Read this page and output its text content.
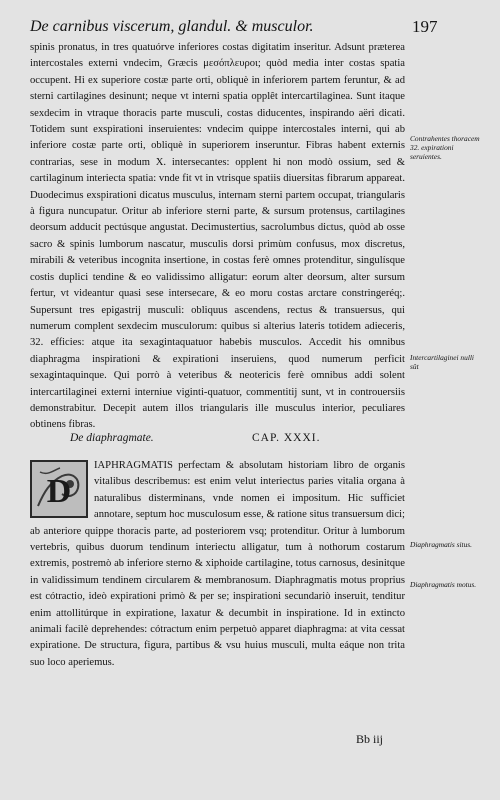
De carnibus viscerum, glandul. & musculor.	197

spinis pronatus, in tres quatuórve inferiores costas digitatim inseritur. Adsunt præterea intercostales externi vndecim, Græcis μεσόπλευροι; quòd media inter costas spatia occupent. Hi ex superiore costæ parte orti, obliquè in inferiorem partem feruntur, & ad sterni cartilagines desinunt; neque vt interni spatia opplêt intercartilaginea. Sunt itaque sexdecim in vtraque thoracis parte musculi, costas diducentes, inspirando aëri dicati. Totidem sunt exspirationi inseruientes: vndecim quippe intercostales interni, qui ab inferiore costæ parte orti, obliquè in superiorem inseruntur. Fibras habent externis contrarias, sese in modum X. intersecantes: opplent hi non modò ossium, sed & cartilaginum interiecta spatia: vnde fit vt in vtrisque spatiis diuersitas fibrarum appareat. Duodecimus exspirationi dicatus musculus, internam sterni partem occupat, triangularis à figura nuncupatur. Oritur ab inferiore sterni parte, & sursum protensus, cartilagines deorsum adducit pectúsque angustat. Decimustertius, sacrolumbus dictus, quòd ab osse sacro & spinis lumborum nascatur, musculis dorsi primùm confusus, mox discretus, mirabili & veteribus incognita insertione, in costas ferè omnes protenditur, singulísque costis duplici tendine & eo validissimo alligatur: eorum alter deorsum, alter sursum fertur, vt videantur quasi sese intersecare, & eo moru costas arctare constringeréq;. Supersunt tres epigastrij musculi: obliquus ascendens, rectus & transuersus, qui numerum complent sexdecim musculorum: quibus si alterius lateris totidem adieceris, 32. efficies: atque ita sexagintaquatuor habebis musculos. Accedit his omnibus diaphragma inspirationi & expirationi inseruiens, quod numerum perficit sexagintaquinque. Qui porrò à veteribus & neotericis ferè omnibus addi solent intercartilaginei externi interniue viginti-quatuor, commentitij sunt, vt in controuersiis demonstrabitur. Decepit autem illos triangularis ille musculus interior, peculiares obtinens fibras.

Contrahentes thoracem 32. expirationi seruientes.
Intercartilaginei nulli sût
De diaphragmate.	CAP. XXXI.
D

IAPHRAGMATIS perfectam & absolutam historiam libro de organis vitalibus describemus: est enim velut interiectus paries vitalia organa à naturalibus disterminans, vnde nomen ei impositum. Hic sufficiet annotare, septum hoc musculosum esse, & ratione situs transuersum dici; ab anteriore quippe thoracis parte, ad posteriorem vsq; protenditur. Oritur à lumborum vertebris, quibus duorum tendinum interiectu alligatur, tum à nothorum costarum extremis, postremò ab inferiore sterno & xiphoide cartilagine, totus carnosus, desinitque in validissimum tendinem circularem & membranosum. Diaphragmatis motus proprius est cótractio, ideò expirationi primò & per se; inspirationi secundariò inseruit, tenditur enim attollitúrque in expiratione, laxatur & decumbit in inspiratione. Id in extincto animali facilè deprehendes: cótractum enim perpetuò apparet diaphragma: at vita cessat expiratione. De structura, figura, partibus & vsu huius musculi, multa eáque non trita suo loco aperiemus.

Diaphragmatis situs.
Diaphragmatis motus.
Bb iij
